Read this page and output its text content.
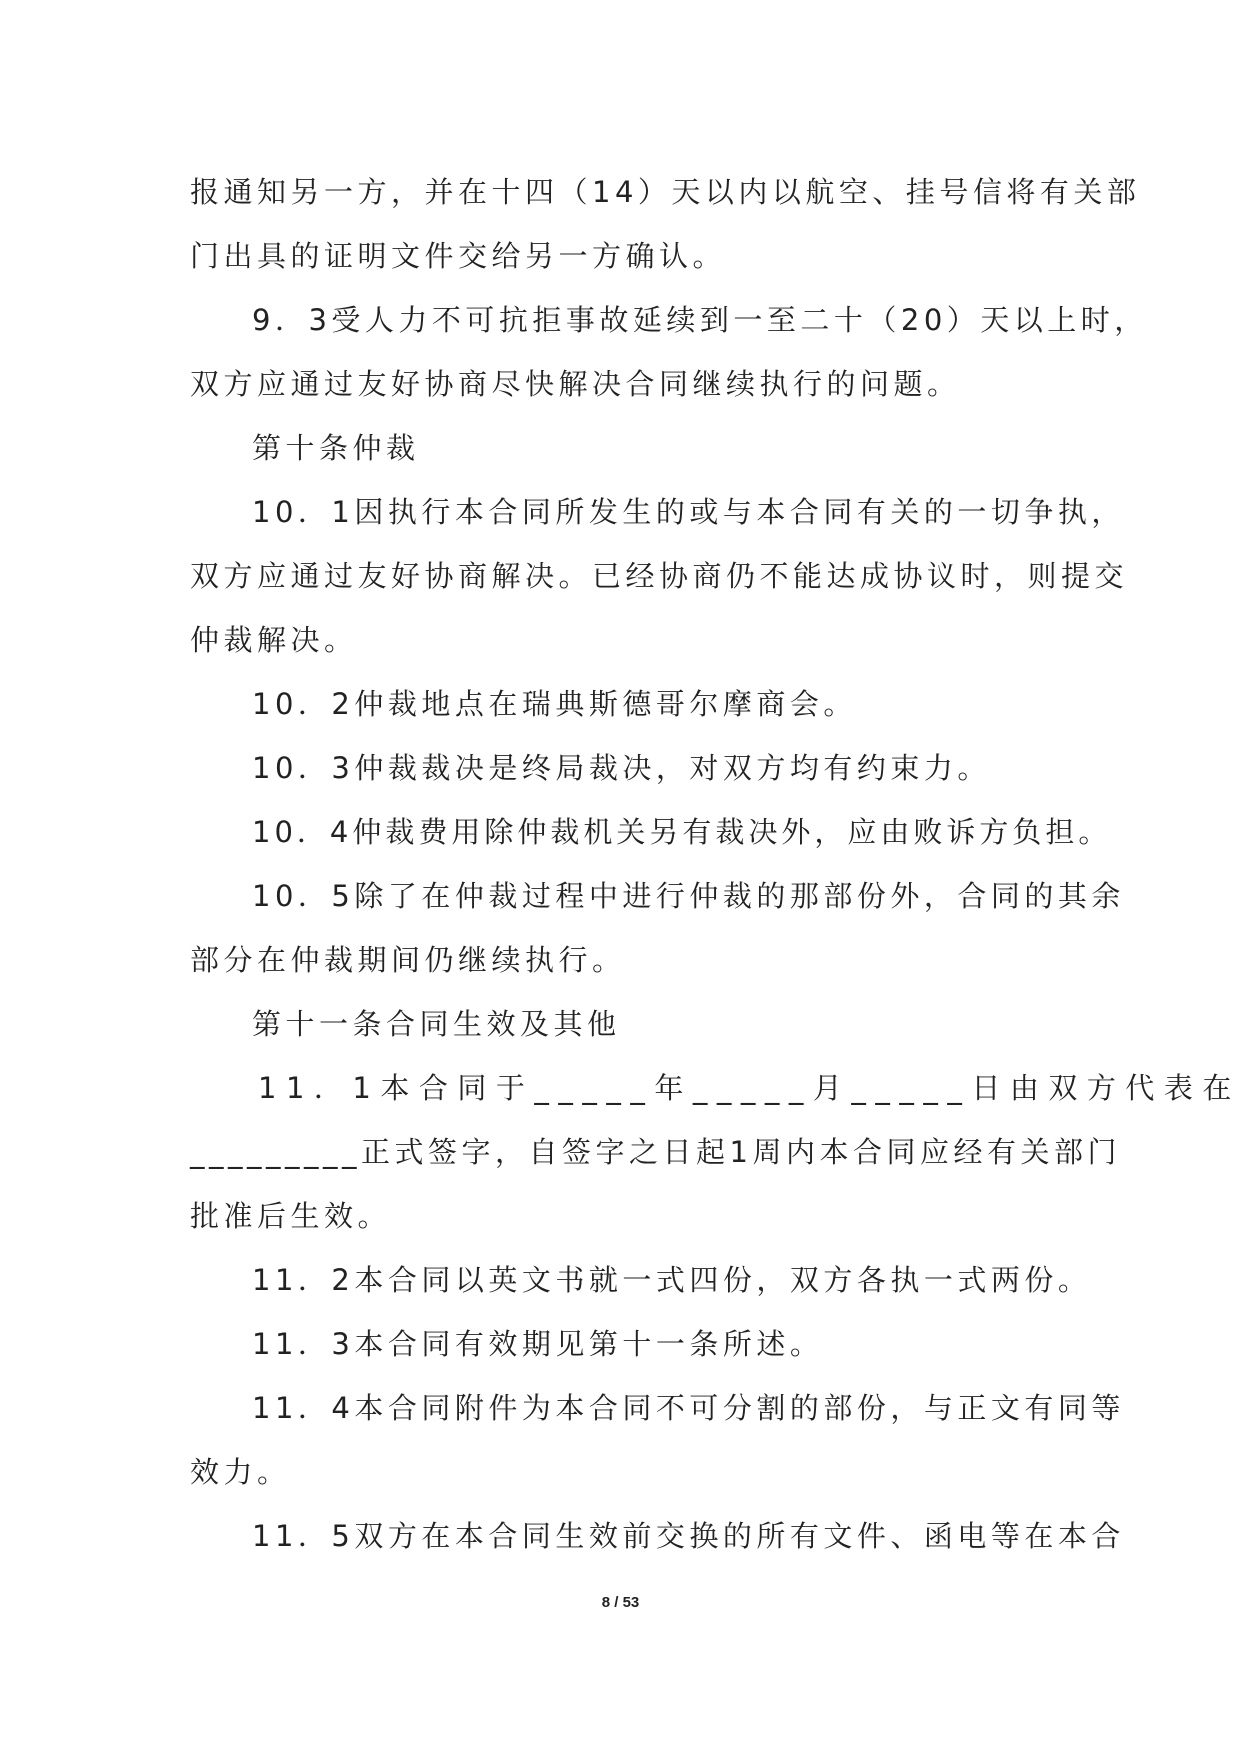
报通知另一方，并在十四（14）天以内以航空、挂号信将有关部
门出具的证明文件交给另一方确认。
9．3受人力不可抗拒事故延续到一至二十（20）天以上时，
双方应通过友好协商尽快解决合同继续执行的问题。
第十条仲裁
10．1因执行本合同所发生的或与本合同有关的一切争执，
双方应通过友好协商解决。已经协商仍不能达成协议时，则提交
仲裁解决。
10．2仲裁地点在瑞典斯德哥尔摩商会。
10．3仲裁裁决是终局裁决，对双方均有约束力。
10．4仲裁费用除仲裁机关另有裁决外，应由败诉方负担。
10．5除了在仲裁过程中进行仲裁的那部份外，合同的其余
部分在仲裁期间仍继续执行。
第十一条合同生效及其他
11．1本合同于_____年_____月_____日由双方代表在
_________正式签字，自签字之日起1周内本合同应经有关部门
批准后生效。
11．2本合同以英文书就一式四份，双方各执一式两份。
11．3本合同有效期见第十一条所述。
11．4本合同附件为本合同不可分割的部份，与正文有同等
效力。
11．5双方在本合同生效前交换的所有文件、函电等在本合
8 / 53
